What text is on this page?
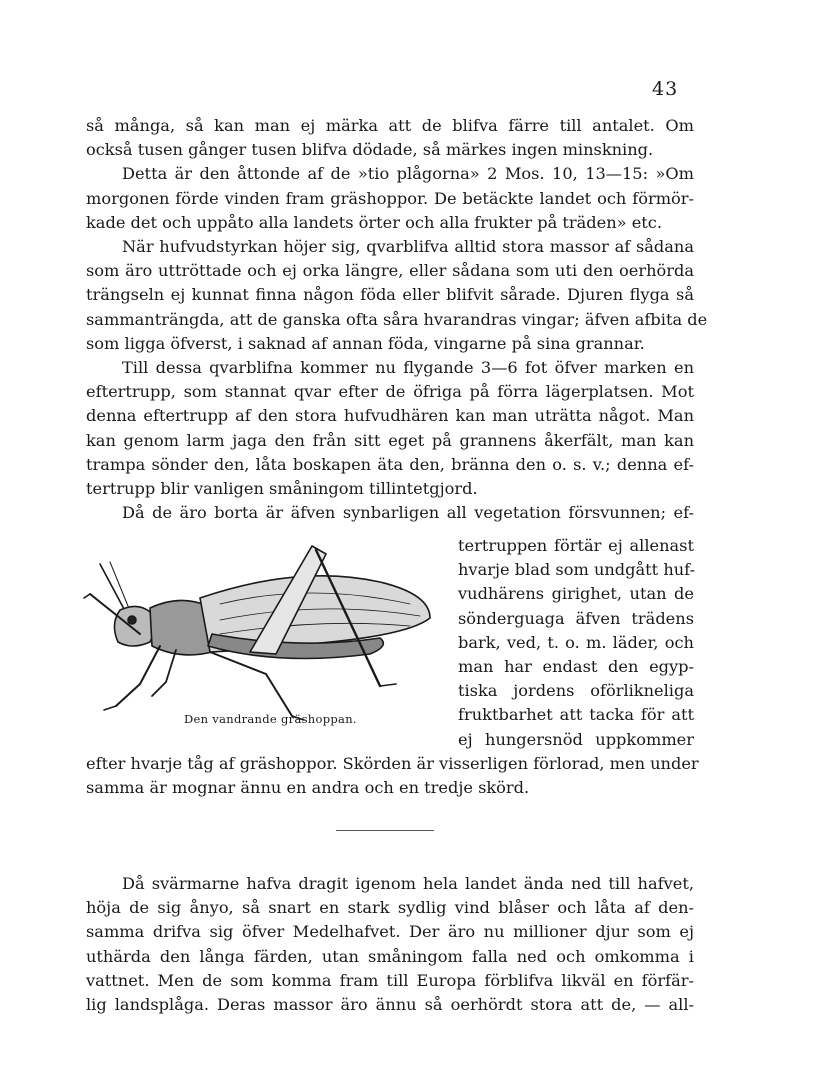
43
så många, så kan man ej märka att de blifva färre till antalet. Om
också tusen gånger tusen blifva dödade, så märkes ingen minskning.
Detta är den åttonde af de »tio plågorna» 2 Mos. 10, 13—15: »Om
morgonen förde vinden fram gräshoppor. De betäckte landet och förmör-
kade det och uppåto alla landets örter och alla frukter på träden» etc.
När hufvudstyrkan höjer sig, qvarblifva alltid stora massor af sådana
som äro uttröttade och ej orka längre, eller sådana som uti den oerhörda
trängseln ej kunnat finna någon föda eller blifvit sårade. Djuren flyga så
sammanträngda, att de ganska ofta såra hvarandras vingar; äfven afbita de
som ligga öfverst, i saknad af annan föda, vingarne på sina grannar.
Till dessa qvarblifna kommer nu flygande 3—6 fot öfver marken en
eftertrupp, som stannat qvar efter de öfriga på förra lägerplatsen. Mot
denna eftertrupp af den stora hufvudhären kan man uträtta något. Man
kan genom larm jaga den från sitt eget på grannens åkerfält, man kan
trampa sönder den, låta boskapen äta den, bränna den o. s. v.; denna ef-
tertrupp blir vanligen småningom tillintetgjord.
Då de äro borta är äfven synbarligen all vegetation försvunnen; ef-
Den vandrande gräshoppan.
tertruppen förtär ej allenast
hvarje blad som undgått huf-
vudhärens girighet, utan de
sönderguaga äfven trädens
bark, ved, t. o. m. läder, och
man har endast den egyp-
tiska jordens oförlikneliga
fruktbarhet att tacka för att
ej hungersnöd uppkommer
efter hvarje tåg af gräshoppor. Skörden är visserligen förlorad, men under
samma är mognar ännu en andra och en tredje skörd.
Då svärmarne hafva dragit igenom hela landet ända ned till hafvet,
höja de sig ånyo, så snart en stark sydlig vind blåser och låta af den-
samma drifva sig öfver Medelhafvet. Der äro nu millioner djur som ej
uthärda den långa färden, utan småningom falla ned och omkomma i
vattnet. Men de som komma fram till Europa förblifva likväl en förfär-
lig landsplåga. Deras massor äro ännu så oerhördt stora att de, — all-
